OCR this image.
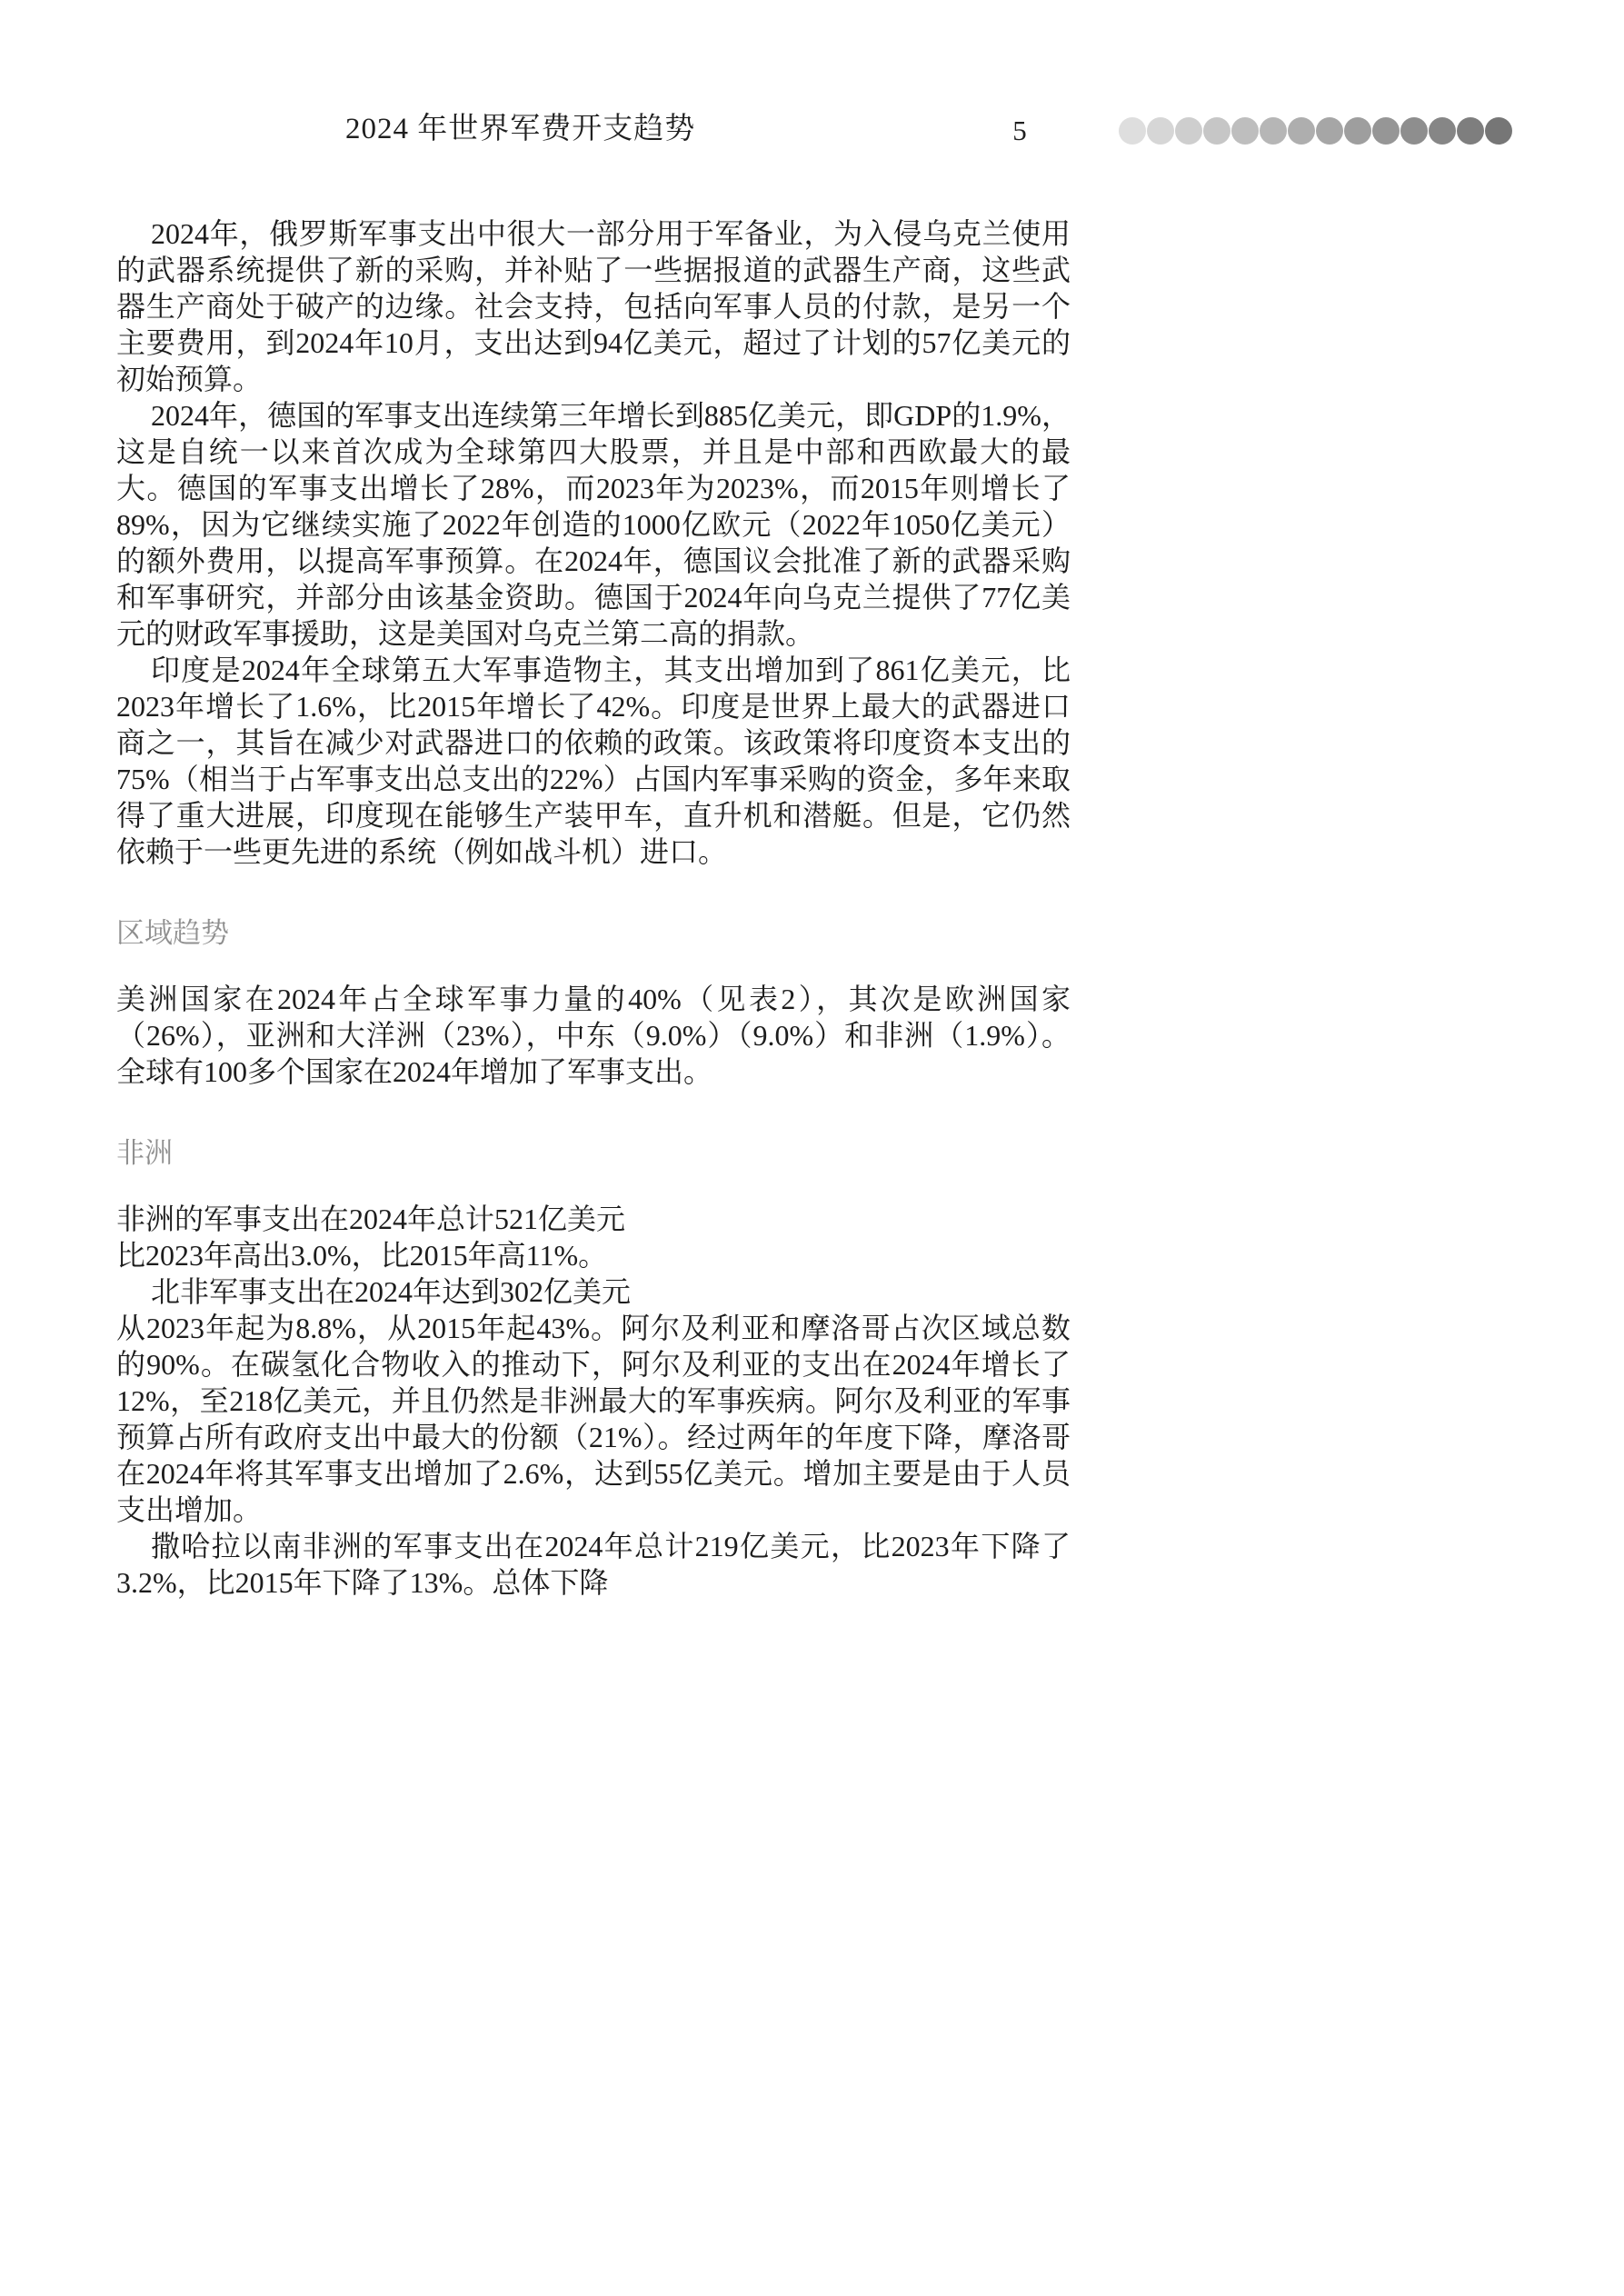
2024 年世界军费开支趋势	5

2024年，俄罗斯军事支出中很大一部分用于军备业，为入侵乌克兰使用的武器系统提供了新的采购，并补贴了一些据报道的武器生产商，这些武器生产商处于破产的边缘。社会支持，包括向军事人员的付款，是另一个主要费用，到2024年10月，支出达到94亿美元，超过了计划的57亿美元的初始预算。

2024年，德国的军事支出连续第三年增长到885亿美元，即GDP的1.9%，这是自统一以来首次成为全球第四大股票，并且是中部和西欧最大的最大。德国的军事支出增长了28%，而2023年为2023%，而2015年则增长了89%，因为它继续实施了2022年创造的1000亿欧元（2022年1050亿美元）的额外费用，以提高军事预算。在2024年，德国议会批准了新的武器采购和军事研究，并部分由该基金资助。德国于2024年向乌克兰提供了77亿美元的财政军事援助，这是美国对乌克兰第二高的捐款。

印度是2024年全球第五大军事造物主，其支出增加到了861亿美元，比2023年增长了1.6%，比2015年增长了42%。印度是世界上最大的武器进口商之一，其旨在减少对武器进口的依赖的政策。该政策将印度资本支出的75%（相当于占军事支出总支出的22%）占国内军事采购的资金，多年来取得了重大进展，印度现在能够生产装甲车，直升机和潜艇。但是，它仍然依赖于一些更先进的系统（例如战斗机）进口。

区域趋势

美洲国家在2024年占全球军事力量的40%（见表2），其次是欧洲国家（26%），亚洲和大洋洲（23%），中东（9.0%）（9.0%）和非洲（1.9%）。全球有100多个国家在2024年增加了军事支出。

非洲

非洲的军事支出在2024年总计521亿美元

比2023年高出3.0%，比2015年高11%。

北非军事支出在2024年达到302亿美元

从2023年起为8.8%，从2015年起43%。阿尔及利亚和摩洛哥占次区域总数的90%。在碳氢化合物收入的推动下，阿尔及利亚的支出在2024年增长了12%，至218亿美元，并且仍然是非洲最大的军事疾病。阿尔及利亚的军事预算占所有政府支出中最大的份额（21%）。经过两年的年度下降，摩洛哥在2024年将其军事支出增加了2.6%，达到55亿美元。增加主要是由于人员支出增加。

撒哈拉以南非洲的军事支出在2024年总计219亿美元，比2023年下降了3.2%，比2015年下降了13%。总体下降
